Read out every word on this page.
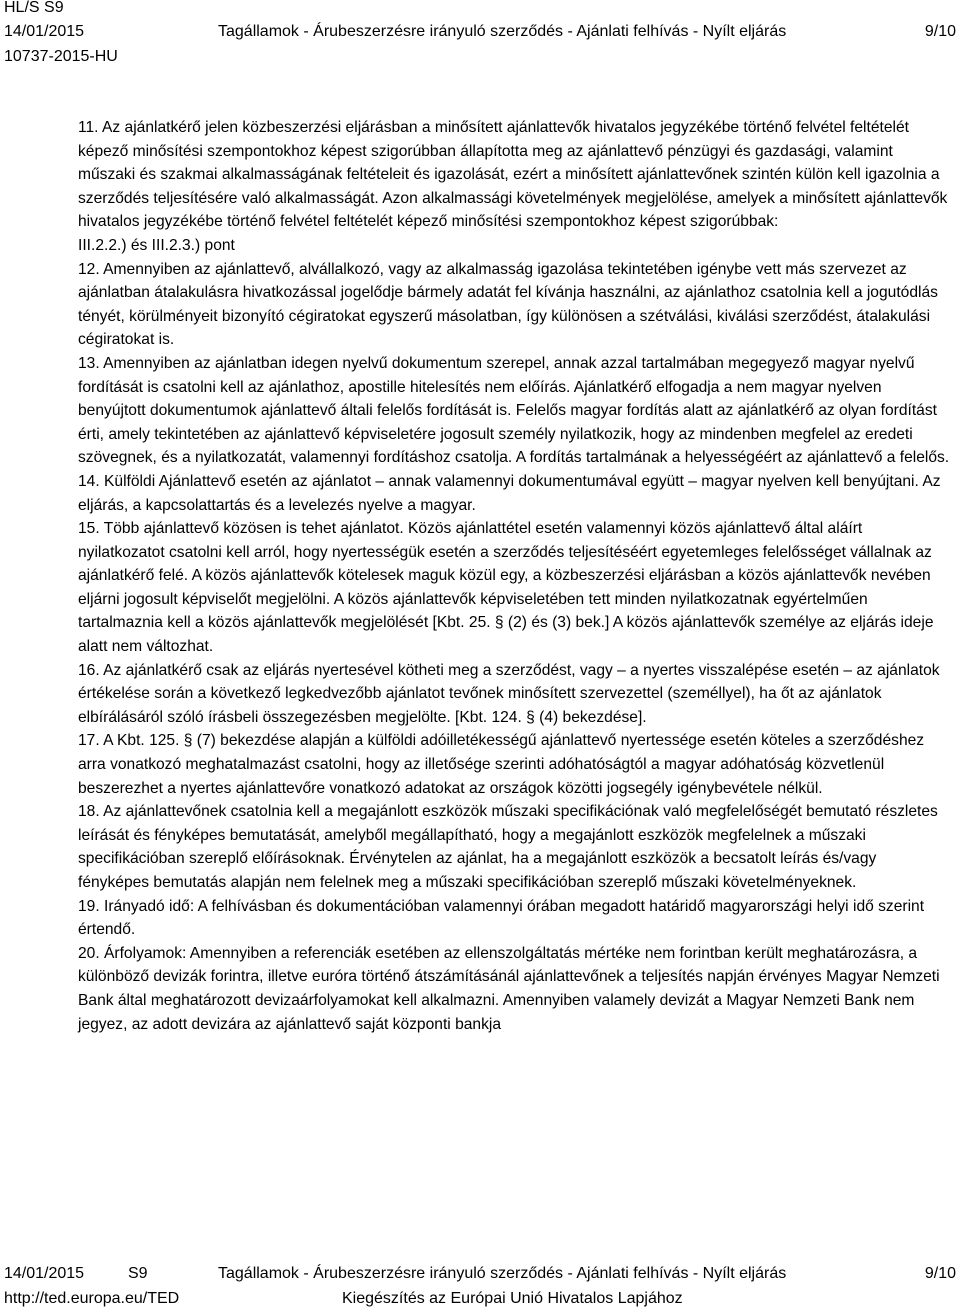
HL/S S9
14/01/2015
10737-2015-HU
Tagállamok - Árubeszerzésre irányuló szerződés - Ajánlati felhívás - Nyílt eljárás	9/10

11. Az ajánlatkérő jelen közbeszerzési eljárásban a minősített ajánlattevők hivatalos jegyzékébe történő felvétel feltételét képező minősítési szempontokhoz képest szigorúbban állapította meg az ajánlattevő pénzügyi és gazdasági, valamint műszaki és szakmai alkalmasságának feltételeit és igazolását, ezért a minősített ajánlattevőnek szintén külön kell igazolnia a szerződés teljesítésére való alkalmasságát. Azon alkalmassági követelmények megjelölése, amelyek a minősített ajánlattevők hivatalos jegyzékébe történő felvétel feltételét képező minősítési szempontokhoz képest szigorúbbak:

III.2.2.) és III.2.3.) pont

12. Amennyiben az ajánlattevő, alvállalkozó, vagy az alkalmasság igazolása tekintetében igénybe vett más szervezet az ajánlatban átalakulásra hivatkozással jogelődje bármely adatát fel kívánja használni, az ajánlathoz csatolnia kell a jogutódlás tényét, körülményeit bizonyító cégiratokat egyszerű másolatban, így különösen a szétválási, kiválási szerződést, átalakulási cégiratokat is.

13. Amennyiben az ajánlatban idegen nyelvű dokumentum szerepel, annak azzal tartalmában megegyező magyar nyelvű fordítását is csatolni kell az ajánlathoz, apostille hitelesítés nem előírás. Ajánlatkérő elfogadja a nem magyar nyelven benyújtott dokumentumok ajánlattevő általi felelős fordítását is. Felelős magyar fordítás alatt az ajánlatkérő az olyan fordítást érti, amely tekintetében az ajánlattevő képviseletére jogosult személy nyilatkozik, hogy az mindenben megfelel az eredeti szövegnek, és a nyilatkozatát, valamennyi fordításhoz csatolja. A fordítás tartalmának a helyességéért az ajánlattevő a felelős.

14. Külföldi Ajánlattevő esetén az ajánlatot – annak valamennyi dokumentumával együtt – magyar nyelven kell benyújtani. Az eljárás, a kapcsolattartás és a levelezés nyelve a magyar.

15. Több ajánlattevő közösen is tehet ajánlatot. Közös ajánlattétel esetén valamennyi közös ajánlattevő által aláírt nyilatkozatot csatolni kell arról, hogy nyertességük esetén a szerződés teljesítéséért egyetemleges felelősséget vállalnak az ajánlatkérő felé. A közös ajánlattevők kötelesek maguk közül egy, a közbeszerzési eljárásban a közös ajánlattevők nevében eljárni jogosult képviselőt megjelölni. A közös ajánlattevők képviseletében tett minden nyilatkozatnak egyértelműen tartalmaznia kell a közös ajánlattevők megjelölését [Kbt. 25. § (2) és (3) bek.] A közös ajánlattevők személye az eljárás ideje alatt nem változhat.

16. Az ajánlatkérő csak az eljárás nyertesével kötheti meg a szerződést, vagy – a nyertes visszalépése esetén – az ajánlatok értékelése során a következő legkedvezőbb ajánlatot tevőnek minősített szervezettel (személlyel), ha őt az ajánlatok elbírálásáról szóló írásbeli összegezésben megjelölte. [Kbt. 124. § (4) bekezdése].

17. A Kbt. 125. § (7) bekezdése alapján a külföldi adóilletékességű ajánlattevő nyertessége esetén köteles a szerződéshez arra vonatkozó meghatalmazást csatolni, hogy az illetősége szerinti adóhatóságtól a magyar adóhatóság közvetlenül beszerezhet a nyertes ajánlattevőre vonatkozó adatokat az országok közötti jogsegély igénybevétele nélkül.

18. Az ajánlattevőnek csatolnia kell a megajánlott eszközök műszaki specifikációnak való megfelelőségét bemutató részletes leírását és fényképes bemutatását, amelyből megállapítható, hogy a megajánlott eszközök megfelelnek a műszaki specifikációban szereplő előírásoknak. Érvénytelen az ajánlat, ha a megajánlott eszközök a becsatolt leírás és/vagy fényképes bemutatás alapján nem felelnek meg a műszaki specifikációban szereplő műszaki követelményeknek.

19. Irányadó idő: A felhívásban és dokumentációban valamennyi órában megadott határidő magyarországi helyi idő szerint értendő.

20. Árfolyamok: Amennyiben a referenciák esetében az ellenszolgáltatás mértéke nem forintban került meghatározásra, a különböző devizák forintra, illetve euróra történő átszámításánál ajánlattevőnek a teljesítés napján érvényes Magyar Nemzeti Bank által meghatározott devizaárfolyamokat kell alkalmazni. Amennyiben valamely devizát a Magyar Nemzeti Bank nem jegyez, az adott devizára az ajánlattevő saját központi bankja

14/01/2015	S9	Tagállamok - Árubeszerzésre irányuló szerződés - Ajánlati felhívás - Nyílt eljárás	9/10
http://ted.europa.eu/TED	Kiegészítés az Európai Unió Hivatalos Lapjához
